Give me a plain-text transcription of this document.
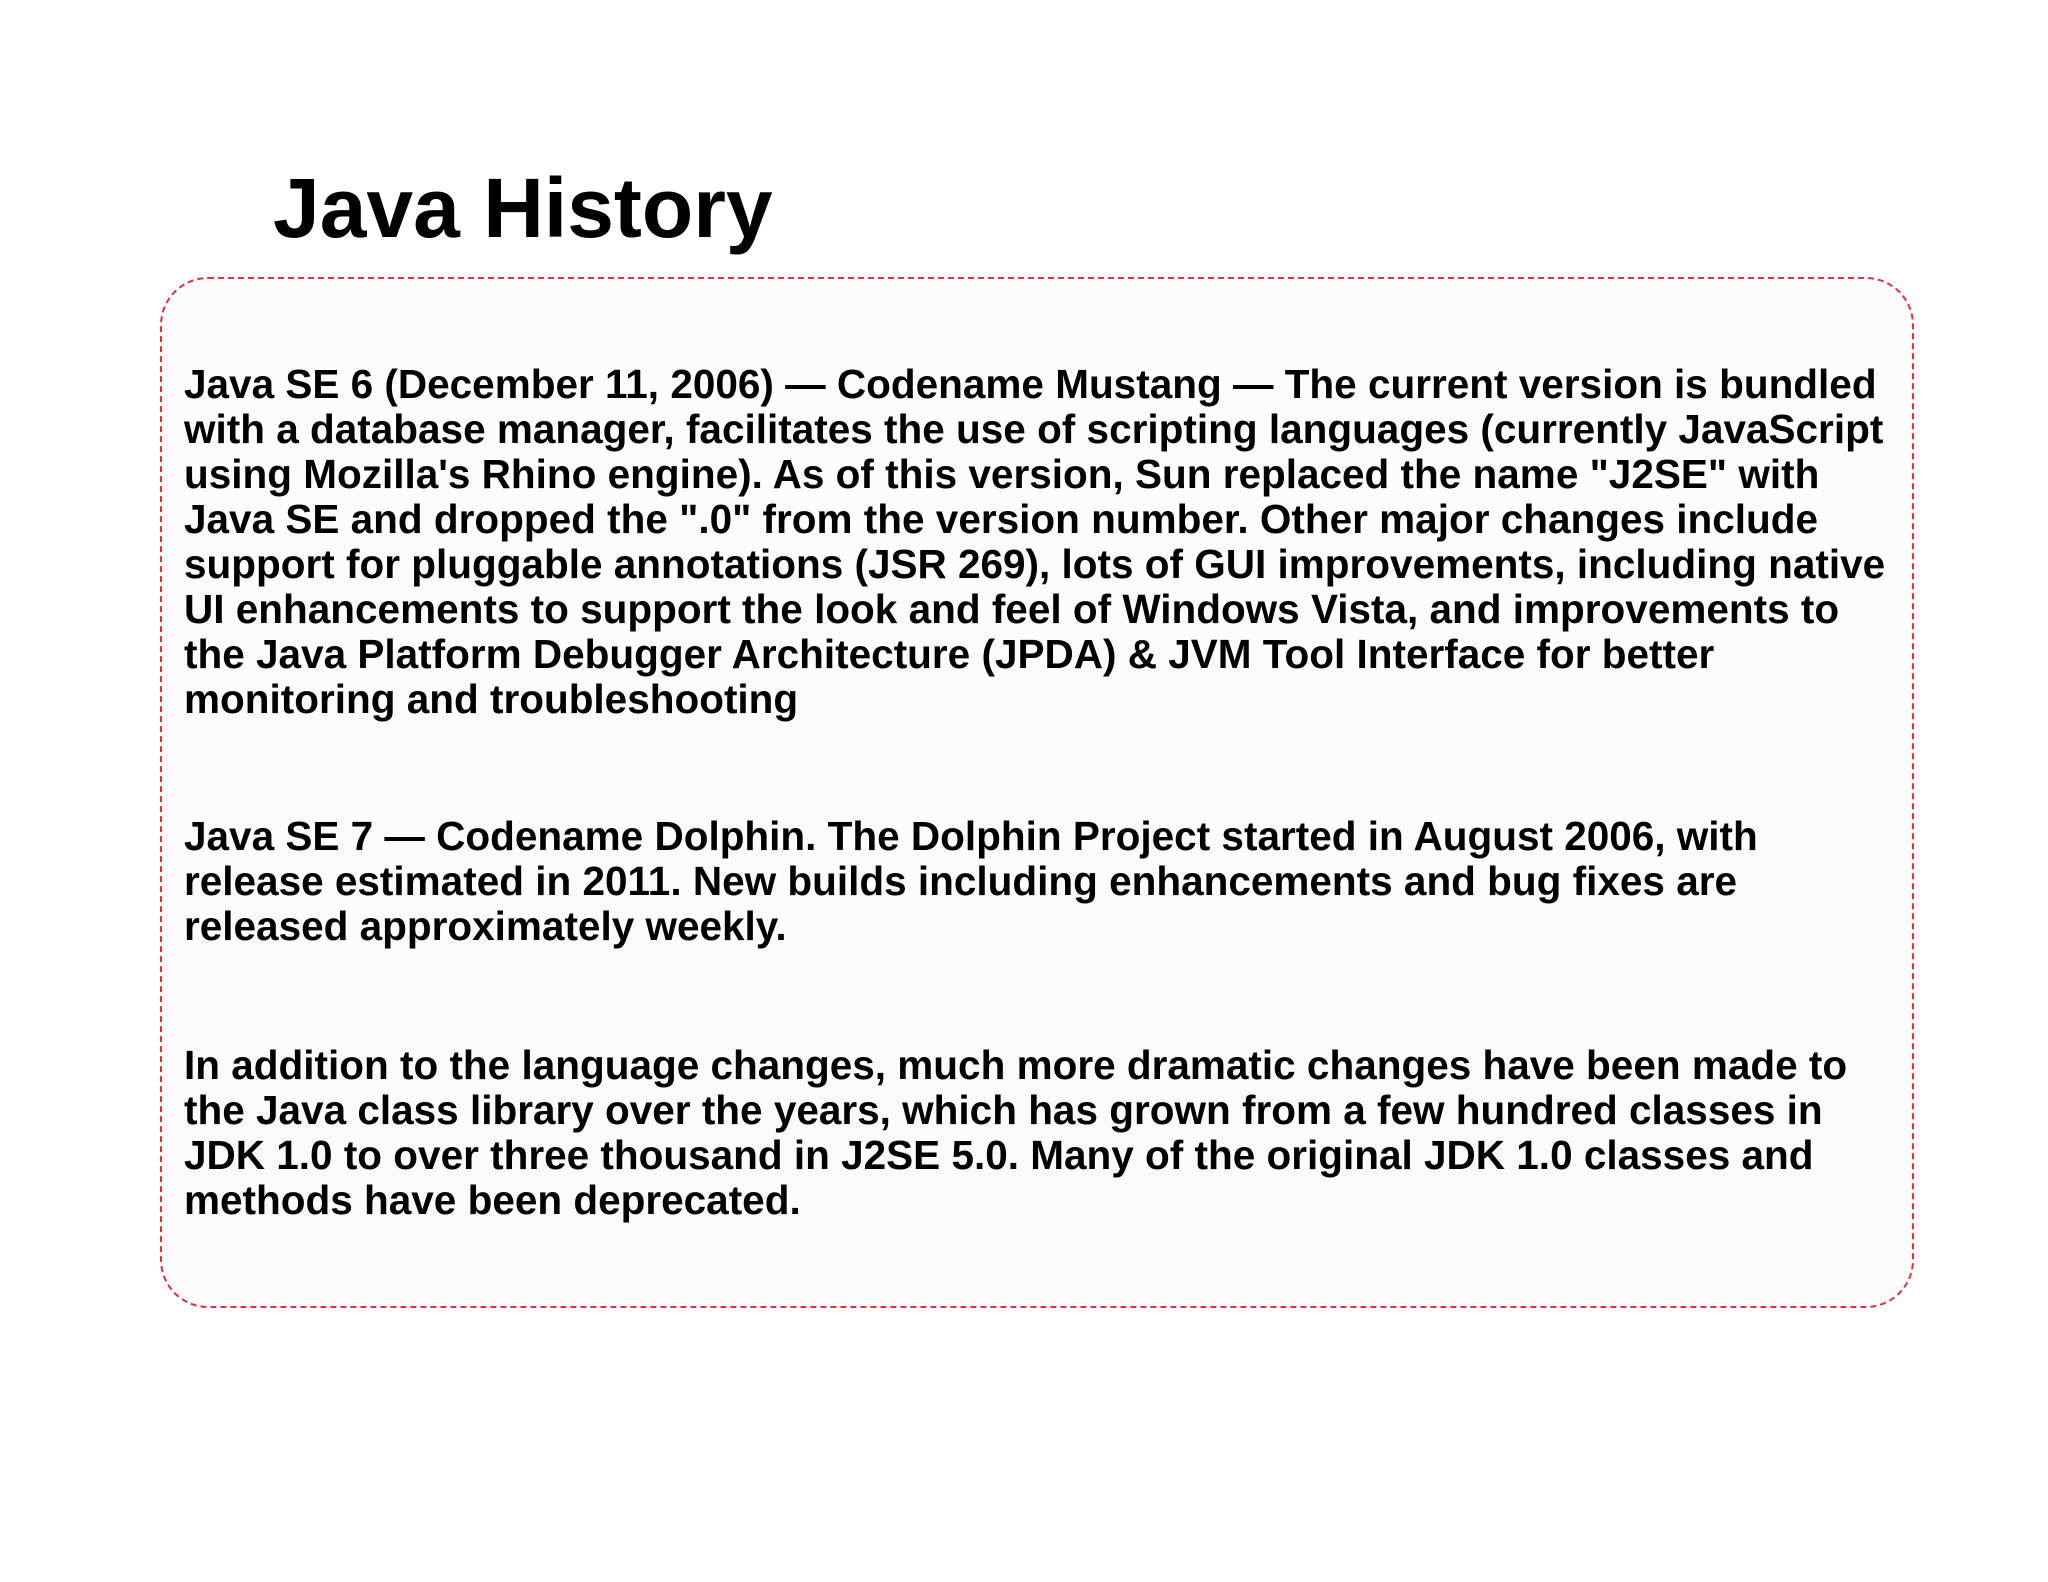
Java History

Java SE 6 (December 11, 2006) — Codename Mustang — The current version is bundled with a database manager, facilitates the use of scripting languages (currently JavaScript using Mozilla's Rhino engine). As of this version, Sun replaced the name "J2SE" with Java SE and dropped the ".0" from the version number. Other major changes include support for pluggable annotations (JSR 269), lots of GUI improvements, including native UI enhancements to support the look and feel of Windows Vista, and improvements to the Java Platform Debugger Architecture (JPDA) & JVM Tool Interface for better monitoring and troubleshooting

Java SE 7 — Codename Dolphin. The Dolphin Project started in August 2006, with release estimated in 2011. New builds including enhancements and bug fixes are released approximately weekly.

In addition to the language changes, much more dramatic changes have been made to the Java class library over the years, which has grown from a few hundred classes in JDK 1.0 to over three thousand in J2SE 5.0. Many of the original JDK 1.0 classes and methods have been deprecated.
